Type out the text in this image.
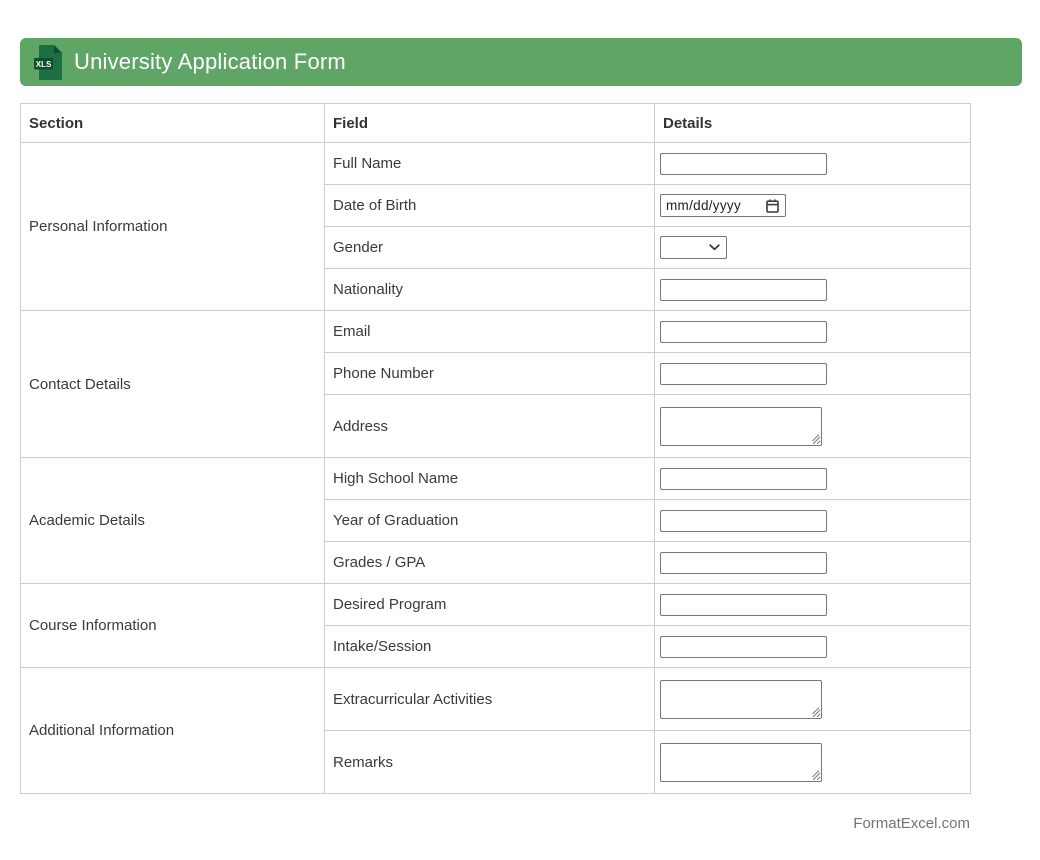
XLS University Application Form
Section	Field	Details
Personal Information	Full Name	

	Date of Birth	mm/dd/yyyy

	Gender	

	Nationality	

Contact Details	Email	

	Phone Number	

	Address	

Academic Details	High School Name	

	Year of Graduation	

	Grades / GPA	

Course Information	Desired Program	

	Intake/Session	

Additional Information	Extracurricular Activities	

	Remarks	
FormatExcel.com
